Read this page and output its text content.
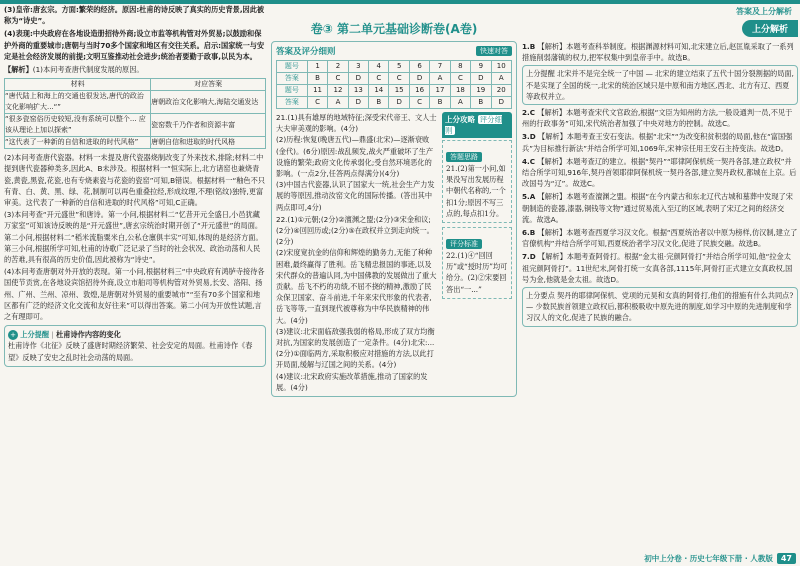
答案及上分解析
(3)皇帝:唐玄宗。方面:繁荣的经济。原因:杜甫的诗反映了真实的历史背景,因此被称为“诗史”。
(4)表现:中央政府在各地设造册招待外商;设立市监等机构管对外贸易;以鼓励和保护外商的重要城市;唐朝与当时70多个国家和地区有交往关系。启示:国家统一与安定是社会经济发展的前提;文明互鉴推动社会进步;统治者要勤于政事,以民为本。
【解析】(1)本问考查唐代制度发展的原因。
材料	对应答案
“唐代陆上和海上的交通也很发达,唐代的政治文化影响扩大...“”	唐朝政治文化影响大,海陆交通发达
“很多瓷窑俗历史较短,没有系统可以整个... 应该从理论上加以探索”	瓷窑数千乃作者和资源丰富
“这代表了一种新的自信和进取的时代风格”	唐朝自信和进取的时代风格
(2)本问考查唐代瓷器。材料一未提及唐代瓷器烧制改变了外来技术,排除;材料二中提到唐代瓷器种类多,因此A、B未涉及。根据材料一“恒实际上,北方诸窑也兼烧青瓷,黄瓷,黑瓷,花瓷,也有专烧素瓷与花瓷的瓷窑”可知,B错误。根据材料一“釉色不只有青、白、黄、黑、绿、花,制制可以再色重叠拉经,形成纹理,不理(铭纹)独特,更富审美。这代表了一种新的自信和进取的时代风格”可知,C正确。
(3)本问考查“开元盛世”和唐诗。第一小问,根据材料二“忆昔开元全盛日,小邑犹藏万家室”可知该诗反映的是“开元盛世”,唐玄宗统治时期开创了“开元盛世”的局面。第二小问,根据材料二“稻米流脂粟米白,公私仓廪俱丰实”可知,体现的是经济方面。第三小问,根据所学可知,杜甫的诗歌广泛记录了当时的社会状况、政治动荡和人民的苦难,具有很高的历史价值,因此被称为“诗史”。
(4)本问考查唐朝对外开放的表现。第一小问,根据材料三“中央政府有鸿胪寺接待各国使节贡赏,在各地设宾馆招待外商,设立市舶司等机构管对外贸易,长安、洛阳、扬州、广州、兰州、凉州、敦煌,是唐朝对外贸易的重要城市”“至有70多个国家和地区都有广泛的经济文化交流和友好往来”可以得出答案。第二小问为开放性试题,言之有理即可。
+ 上分提醒 | 杜甫诗作内容的变化
杜甫诗作《北征》反映了盛唐时期经济繁荣、社会安定的局面。杜甫诗作《春望》反映了安史之乱时社会动荡的局面。
卷③ 第二单元基础诊断卷(A卷)
答案及评分细则	快速对答
题号	1	2	3	4	5	6	7	8	9	10
答案	B	C	D	C	C	D	A	C	D	A
题号	11	12	13	14	15	16	17	18	19	20
答案	C	A	D	B	D	C	B	A	B	D
21.(1)具有雄厚的地域特征;深受宋代帝王、文人士大夫审美观的影响。(4分)
(2)历程:恢复(晚唐五代)—鼎盛(北宋)—逐渐衰败(金代)。(6分)原因:战乱频发,战火严重破坏了生产设施的繁荣;政府文化传承弱化;受自然环境恶化的影响。(一点2分,任答两点得满分)(4分)
(3)中国古代瓷器,认识了国家大一统,社会生产力发展的等原因,推动汝窑文化的国际传播。(答出其中两点即可,4分)
22.(1)①元朝;(2分)②澶渊之盟;(2分)③宋金和议;(2分)④回回历或;(2分)⑤在政权并立到走向统一。(2分)
(2)宋度宽抗金的信仰和辉煌的勤务力,无能了种种困难,最终赢得了胜利。岳飞精忠报国的事迹,以及宋代群众的普遍认同,为中国佛教的发展做出了重大贡献。岳飞不朽的功绩,不屈不挠的精神,激励了民众保卫国家、奋斗前进,千年来宋代形象的代表者,岳飞等等,一直到现代被尊称为中华民族精神的伟大。(4分)
(3)建议:北宋面临敌强我弱的格局,形成了双方均衡对抗,为国家的发展创造了一定条件。(4分)北宋:...(2分)①面临两方,采取积极应对措施的方法,以此打开局面,缓解与辽国之间的关系。(4分)
(4)建议:北宋政府实施改革措施,推动了国家的发展。(4分)
上分攻略 评分细则
答题思路
21.(2)第一小问,如果没写出发展历程中朝代名称的,一个扣1分;原因不写三点的,每点扣1分。
评分标准
22.(1)④“回回历”或“授时历”均可给分。(2)②宋要回答出“一...”
上分解析
1.B 【解析】本题考查科举制度。根据渊源材料可知,北宋建立后,赵匡胤采取了一系列措施削弱藩镇的权力,把军权集中到皇帝手中。故选B。
上分提醒 北宋并不是完全统一了中国 — 北宋的建立结束了五代十国分裂割据的局面,不是实现了全国的统一,北宋的统治区域只是中原和南方地区,西北、北方有辽、西夏等政权并立。
2.C 【解析】本题考查宋代文官政治,根据“文臣为知州的方法,一般设通判一员,不见于州的行政事务”可知,宋代统治者加强了中央对地方的控制。故选C。
3.D 【解析】本题考查王安石变法。根据“北宋”“为改变积贫积弱的局面,他在“富国强兵”为目标推行新法”并结合所学可知,1069年,宋神宗任用王安石主持变法。故选D。
4.C 【解析】本题考查辽的建立。根据“契丹”“耶律阿保机统一契丹各部,建立政权”并结合所学可知,916年,契丹首领耶律阿保机统一契丹各部,建立契丹政权,都城在上京。后改国号为“辽”。故选C。
5.A 【解析】本题考查澶渊之盟。根据“在今内蒙古和东北辽代古城和墓葬中发现了宋朝制造的瓷器,漆器,铜钱等文物”通过贸易流入至辽的区域,表明了宋辽之间的经济交流。故选A。
6.B 【解析】本题考查西夏学习汉文化。根据“西夏统治者以中原为榜样,仿汉制,建立了官僚机构”并结合所学可知,西夏统治者学习汉文化,促进了民族交融。故选B。
7.D 【解析】本题考查阿骨打。根据“金太祖·完颜阿骨打”并结合所学可知,他“拉金太祖完颜阿骨打”。11世纪末,阿骨打统一女真各部,1115年,阿骨打正式建立女真政权,国号为金,他就是金太祖。故选D。
上分要点 契丹的耶律阿保机、党项的元昊和女真的阿骨打,他们的措施有什么共同点? — 少数民族首领建立政权后,都积极吸收中原先进的制度,如学习中原的先进制度和学习汉人的文化,促进了民族的融合。
初中上分卷 · 历史七年级下册 · 人教版	47
